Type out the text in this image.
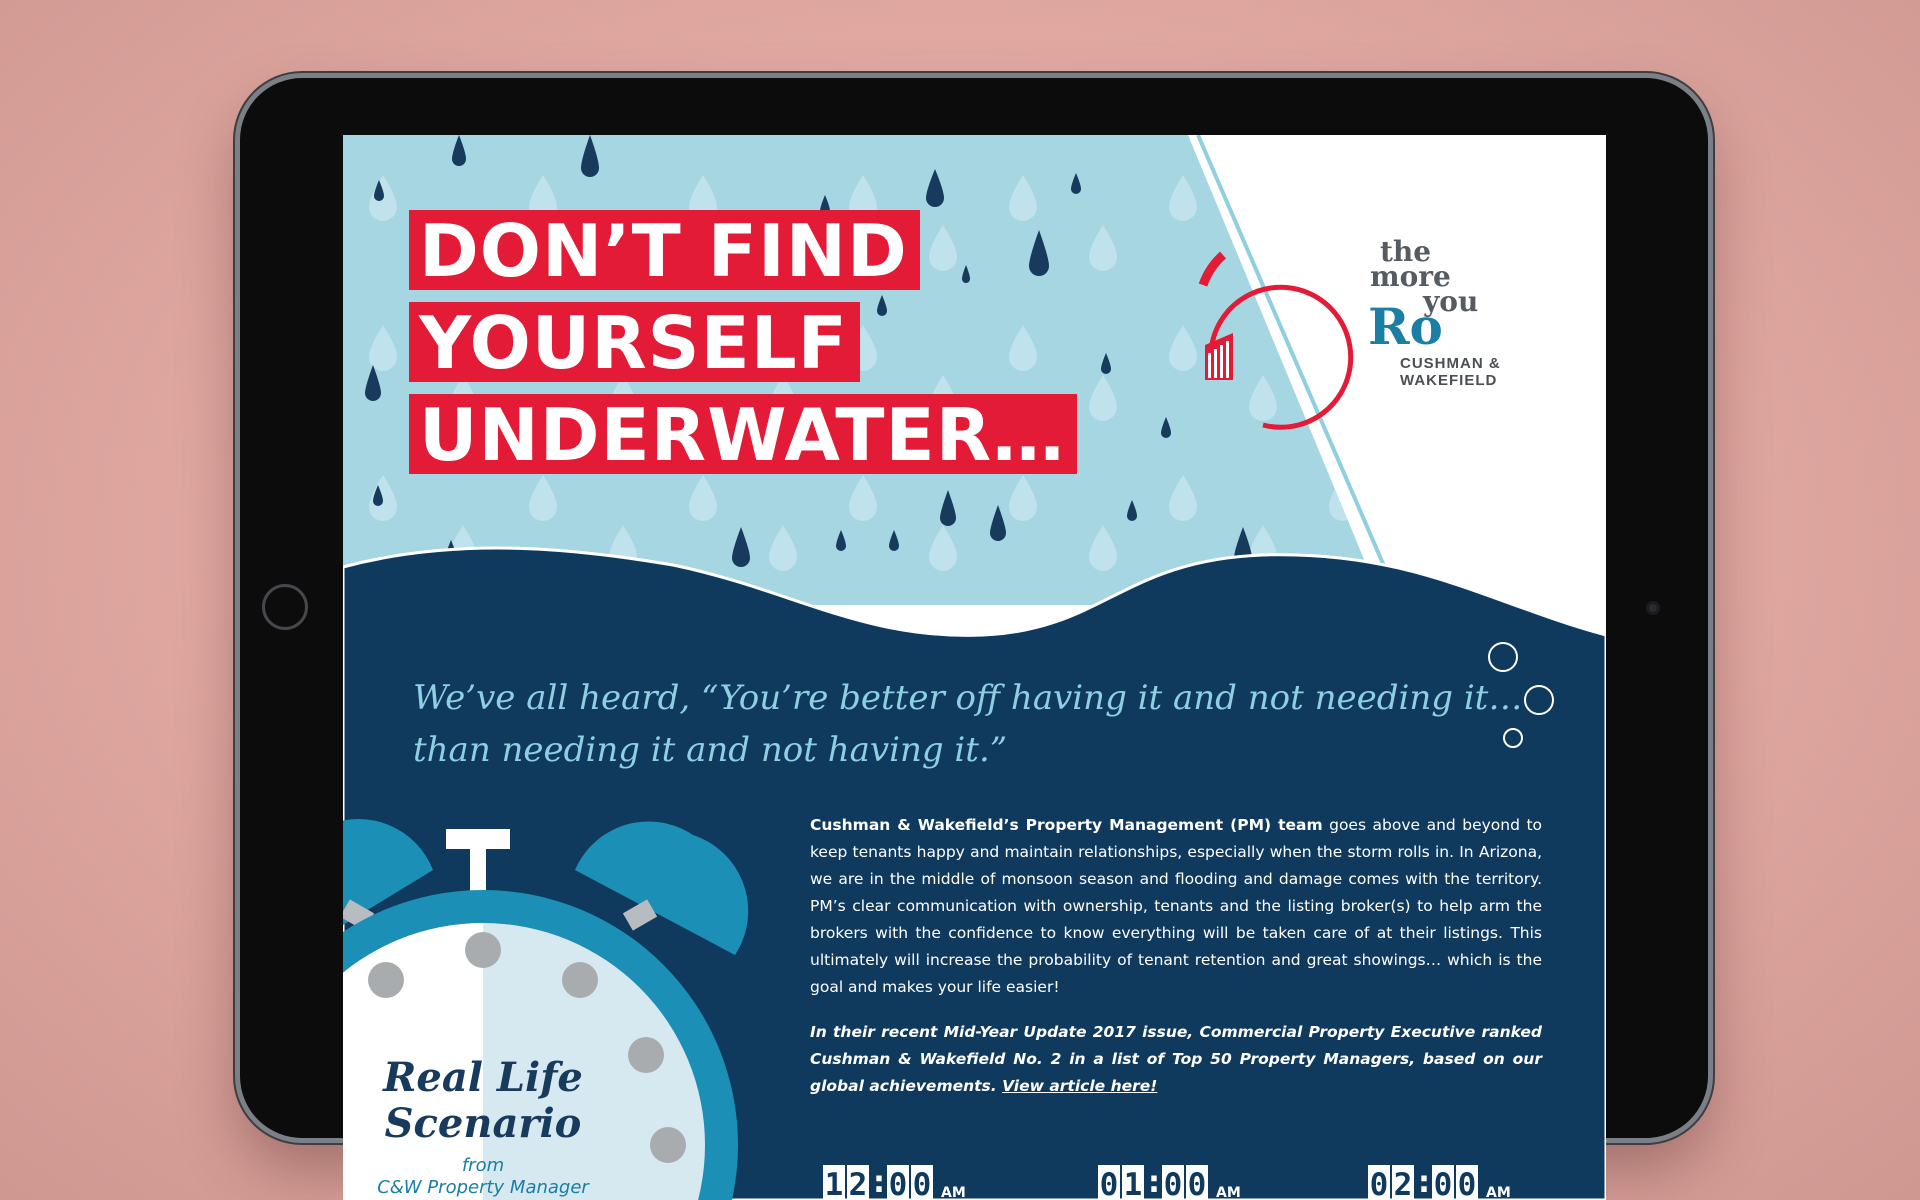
DON’T FIND
YOURSELF
UNDERWATER…
the
more
you
Ro
CUSHMAN &
WAKEFIELD

We’ve all heard, “You’re better off having it and not needing it…
than needing it and not having it.”

Cushman & Wakefield’s Property Management (PM) team goes above and beyond to keep tenants happy and maintain relationships, especially when the storm rolls in. In Arizona, we are in the middle of monsoon season and flooding and damage comes with the territory. PM’s clear communication with ownership, tenants and the listing broker(s) to help arm the brokers with the confidence to know everything will be taken care of at their listings. This ultimately will increase the probability of tenant retention and great showings… which is the goal and makes your life easier!

In their recent Mid-Year Update 2017 issue, Commercial Property Executive ranked Cushman & Wakefield No. 2 in a list of Top 50 Property Managers, based on our global achievements. View article here!

Real Life
Scenario
from
C&W Property Manager	1 2 : 0 0 AM	0 1 : 0 0 AM	0 2 : 0 0 AM
